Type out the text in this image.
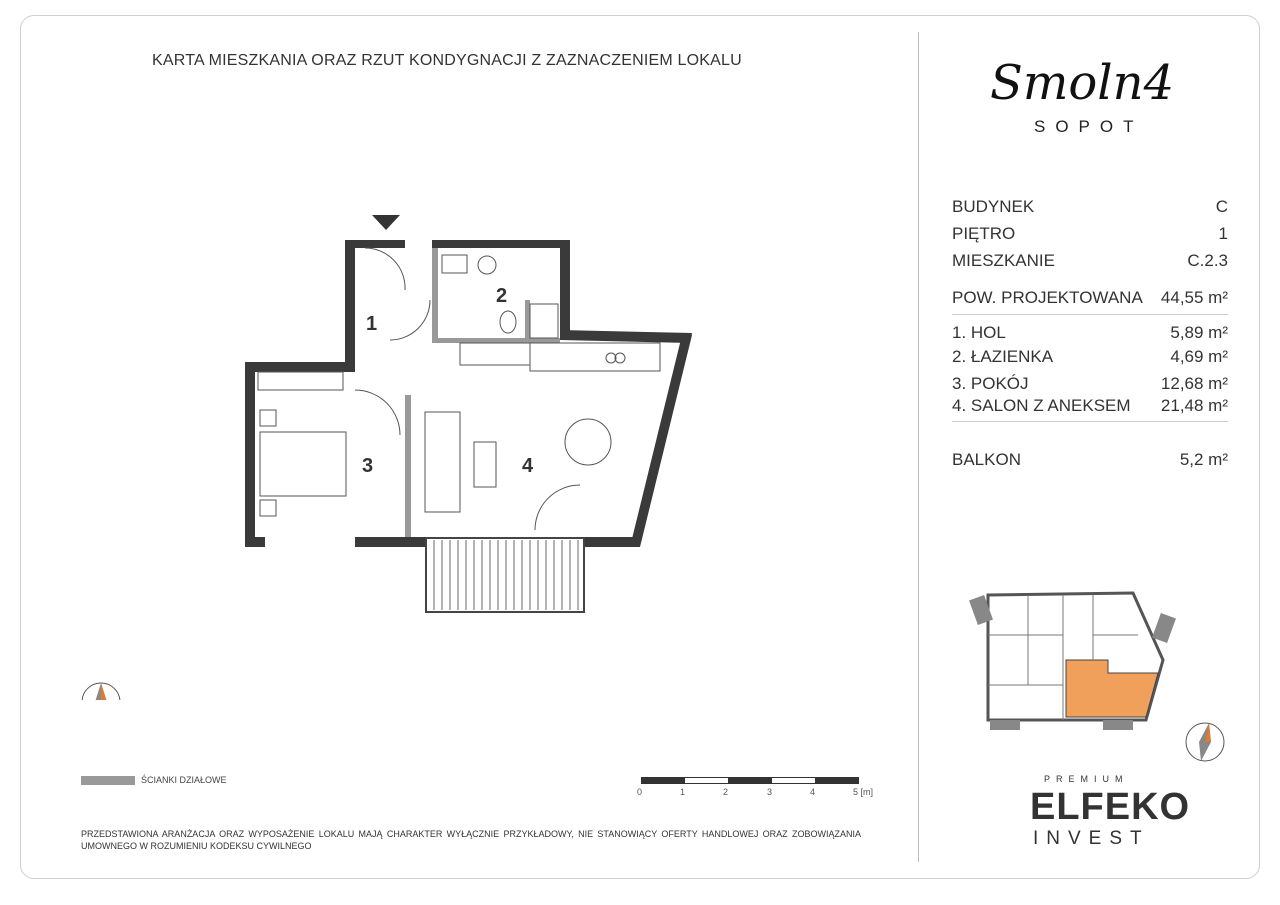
KARTA MIESZKANIA ORAZ RZUT KONDYGNACJI Z ZAZNACZENIEM LOKALU	Smoln4
SOPOT
BUDYNEK	C
PIĘTRO	1
MIESZKANIE	C.2.3
POW. PROJEKTOWANA 44,55 m²
1. HOL	5,89 m²
2. ŁAZIENKA	4,69 m²
3. POKÓJ	12,68 m²
4. SALON Z ANEKSEM 21,48 m²
BALKON	5,2 m²
1
2
3	4
ŚCIANKI DZIAŁOWE
0	1	2	3	4	5 [m]
PRZEDSTAWIONA ARANŻACJA ORAZ WYPOSAŻENIE LOKALU MAJĄ CHARAKTER WYŁĄCZNIE PRZYKŁADOWY, NIE STANOWIĄCY OFERTY HANDLOWEJ ORAZ ZOBOWIĄZANIA UMOWNEGO W ROZUMIENIU KODEKSU CYWILNEGO
PREMIUM
ELFEKO
INVEST
